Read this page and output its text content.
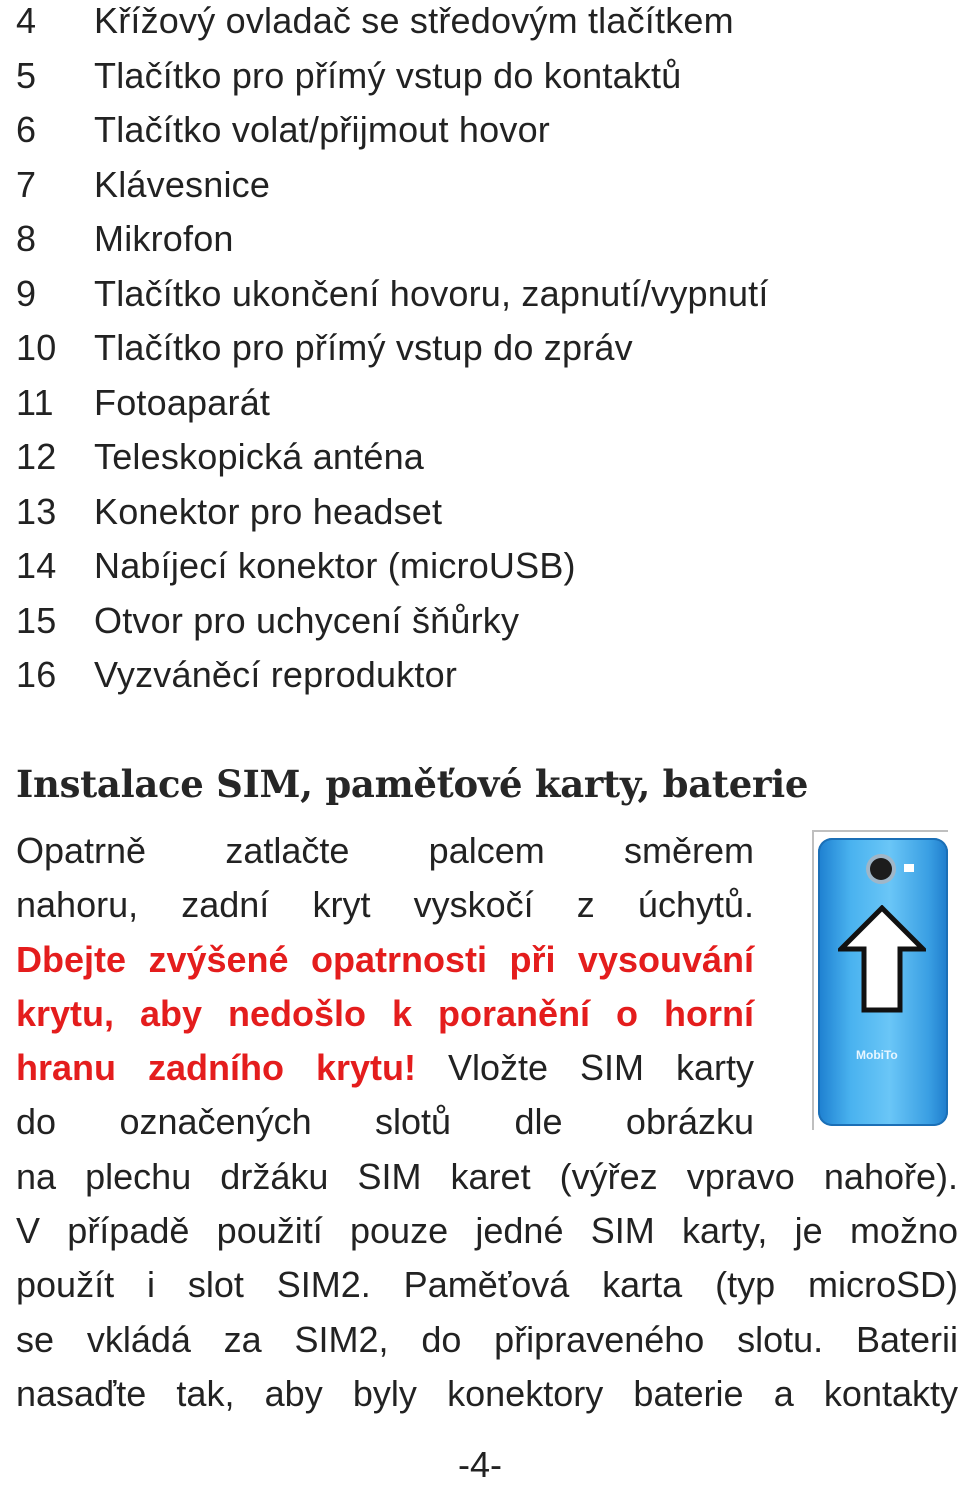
4	Křížový ovladač se středovým tlačítkem
5	Tlačítko pro přímý vstup do kontaktů
6	Tlačítko volat/přijmout hovor
7	Klávesnice
8	Mikrofon
9	Tlačítko ukončení hovoru, zapnutí/vypnutí
10	Tlačítko pro přímý vstup do zpráv
11	Fotoaparát
12	Teleskopická anténa
13	Konektor pro headset
14	Nabíjecí konektor (microUSB)
15	Otvor pro uchycení šňůrky
16	Vyzváněcí reproduktor
Instalace SIM, paměťové karty, baterie
Opatrně zatlačte palcem směrem
nahoru, zadní kryt vyskočí z úchytů.
Dbejte zvýšené opatrnosti při vysouvání
krytu, aby nedošlo k poranění o horní
hranu zadního krytu! Vložte SIM karty
do označených slotů dle obrázku
na plechu držáku SIM karet (výřez vpravo nahoře).
V případě použití pouze jedné SIM karty, je možno
použít i slot SIM2. Paměťová karta (typ microSD)
se vkládá za SIM2, do připraveného slotu. Baterii
nasaďte tak, aby byly konektory baterie a kontakty
MobiTo
-4-
